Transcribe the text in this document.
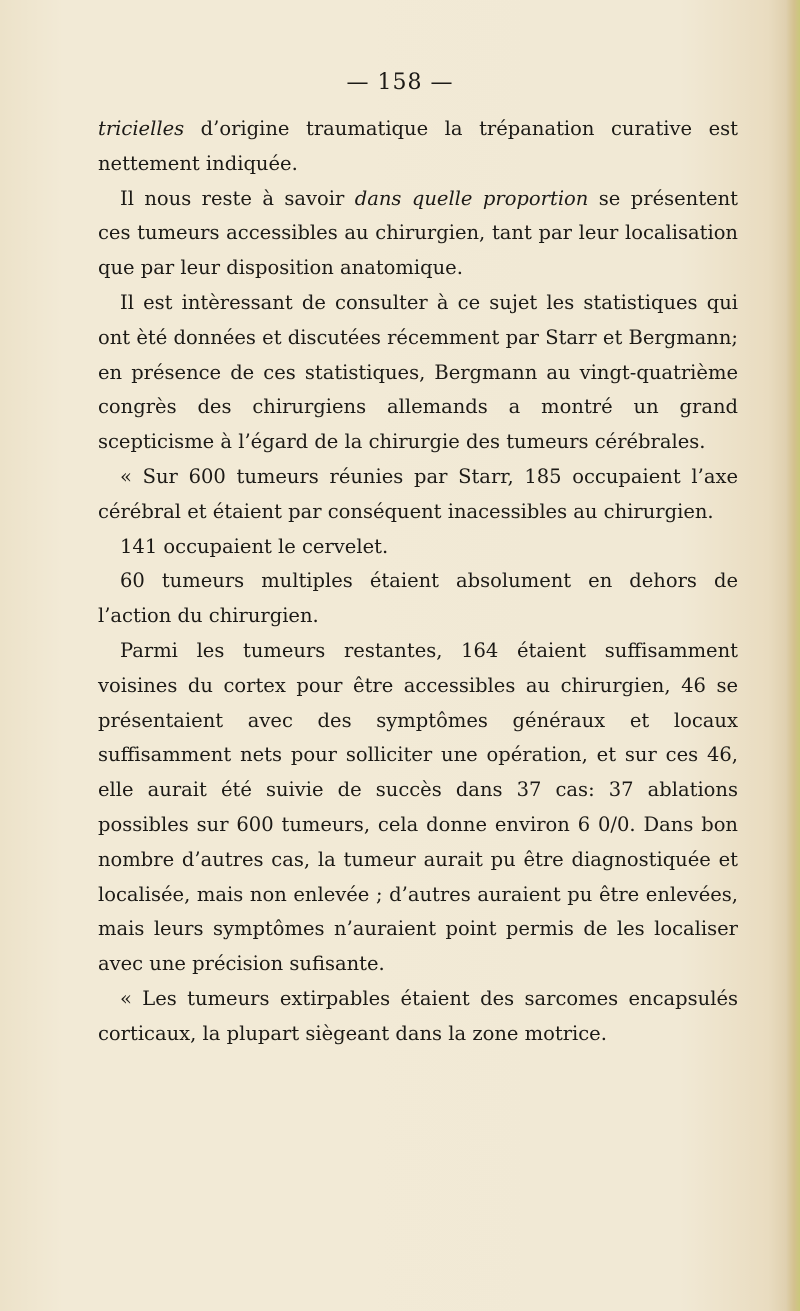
— 158 —

tricielles d’origine traumatique la trépanation curative est nettement indiquée.

Il nous reste à savoir dans quelle proportion se présentent ces tumeurs accessibles au chirurgien, tant par leur localisation que par leur disposition anatomique.

Il est intèressant de consulter à ce sujet les statistiques qui ont èté données et discutées récemment par Starr et Bergmann; en présence de ces statistiques, Bergmann au vingt-quatrième congrès des chirurgiens allemands a montré un grand scepticisme à l’égard de la chirurgie des tumeurs cérébrales.

« Sur 600 tumeurs réunies par Starr, 185 occupaient l’axe cérébral et étaient par conséquent inacessibles au chirurgien.

141 occupaient le cervelet.

60 tumeurs multiples étaient absolument en dehors de l’action du chirurgien.

Parmi les tumeurs restantes, 164 étaient suffisamment voisines du cortex pour être accessibles au chirurgien, 46 se présentaient avec des symptômes généraux et locaux suffisamment nets pour solliciter une opération, et sur ces 46, elle aurait été suivie de succès dans 37 cas: 37 ablations possibles sur 600 tumeurs, cela donne environ 6 0/0. Dans bon nombre d’autres cas, la tumeur aurait pu être diagnostiquée et localisée, mais non enlevée ; d’autres auraient pu être enlevées, mais leurs symptômes n’auraient point permis de les localiser avec une précision sufisante.

« Les tumeurs extirpables étaient des sarcomes encapsulés corticaux, la plupart siègeant dans la zone motrice.
